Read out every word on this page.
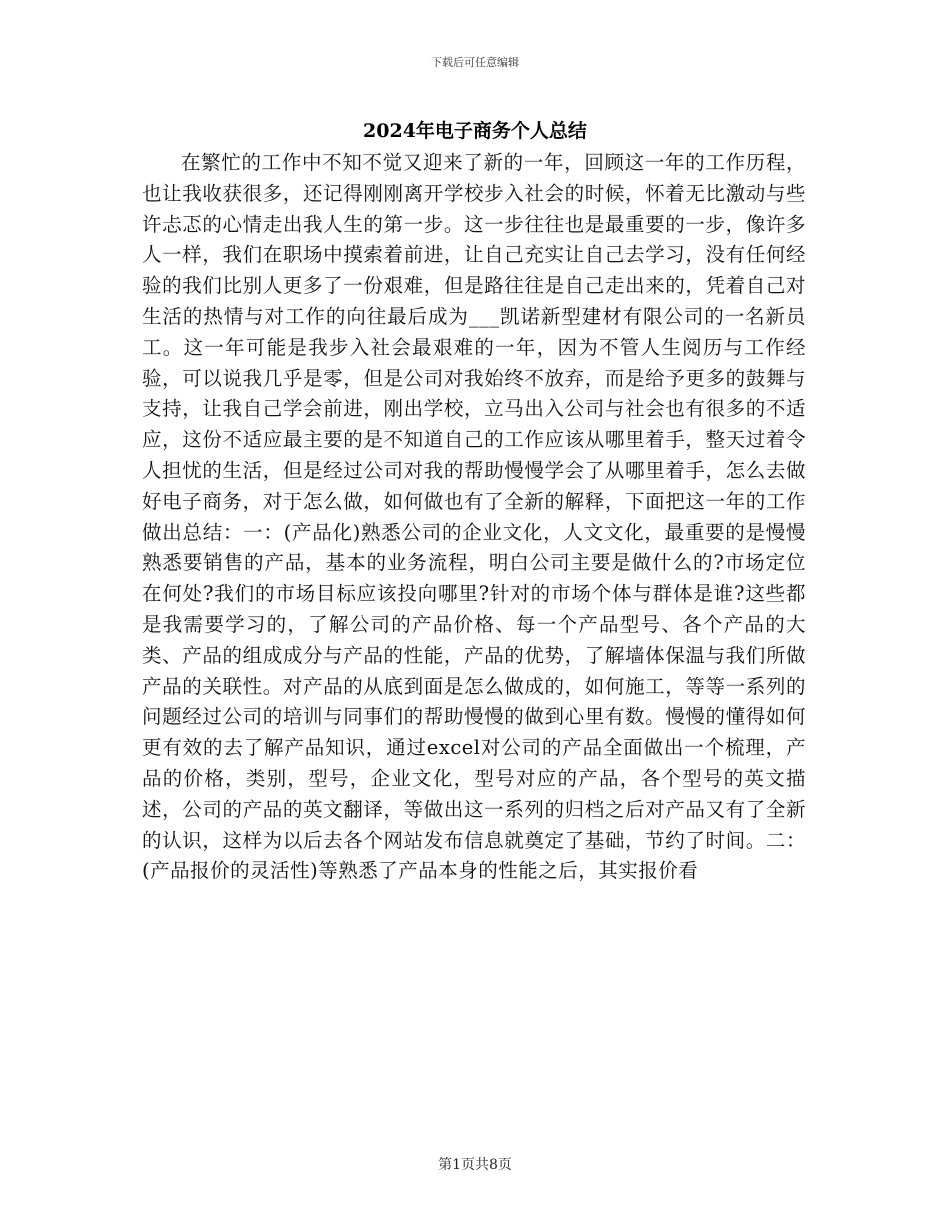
下载后可任意编辑
2024年电子商务个人总结

在繁忙的工作中不知不觉又迎来了新的一年，回顾这一年的工作历程，也让我收获很多，还记得刚刚离开学校步入社会的时候，怀着无比激动与些许忐忑的心情走出我人生的第一步。这一步往往也是最重要的一步，像许多人一样，我们在职场中摸索着前进，让自己充实让自己去学习，没有任何经验的我们比别人更多了一份艰难，但是路往往是自己走出来的，凭着自己对生活的热情与对工作的向往最后成为___凯诺新型建材有限公司的一名新员工。这一年可能是我步入社会最艰难的一年，因为不管人生阅历与工作经验，可以说我几乎是零，但是公司对我始终不放弃，而是给予更多的鼓舞与支持，让我自己学会前进，刚出学校，立马出入公司与社会也有很多的不适应，这份不适应最主要的是不知道自己的工作应该从哪里着手，整天过着令人担忧的生活，但是经过公司对我的帮助慢慢学会了从哪里着手，怎么去做好电子商务，对于怎么做，如何做也有了全新的解释，下面把这一年的工作做出总结：一：(产品化)熟悉公司的企业文化，人文文化，最重要的是慢慢熟悉要销售的产品，基本的业务流程，明白公司主要是做什么的?市场定位在何处?我们的市场目标应该投向哪里?针对的市场个体与群体是谁?这些都是我需要学习的，了解公司的产品价格、每一个产品型号、各个产品的大类、产品的组成成分与产品的性能，产品的优势，了解墙体保温与我们所做产品的关联性。对产品的从底到面是怎么做成的，如何施工，等等一系列的问题经过公司的培训与同事们的帮助慢慢的做到心里有数。慢慢的懂得如何更有效的去了解产品知识，通过excel对公司的产品全面做出一个梳理，产品的价格，类别，型号，企业文化，型号对应的产品，各个型号的英文描述，公司的产品的英文翻译，等做出这一系列的归档之后对产品又有了全新的认识，这样为以后去各个网站发布信息就奠定了基础，节约了时间。二：(产品报价的灵活性)等熟悉了产品本身的性能之后，其实报价看

第1页共8页
